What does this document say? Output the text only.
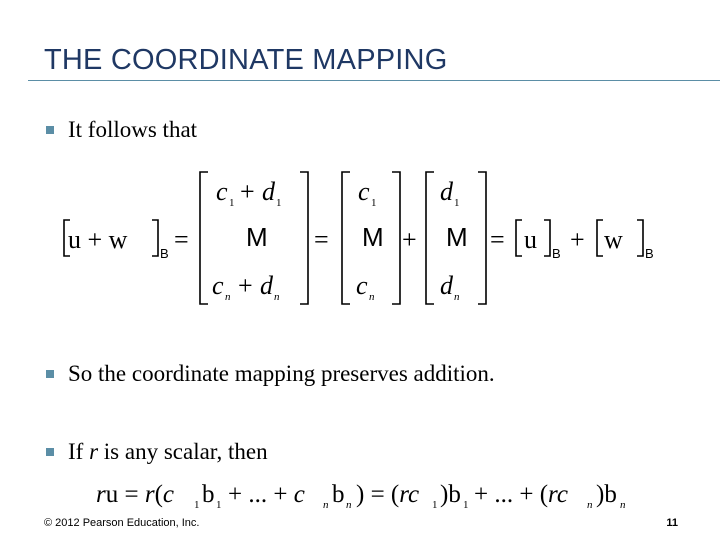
THE COORDINATE MAPPING
It follows that
u + w	B =	=	+	= u B + w B
c 1 + d 1
M
c n + d n
c 1
M
c n
d 1
M
d n
So the coordinate mapping preserves addition.
If r is any scalar, then
ru = r(c 1 b 1 + ... + c n b n ) = (rc 1 )b 1 + ... + (rc n )b n
© 2012 Pearson Education, Inc.	11
